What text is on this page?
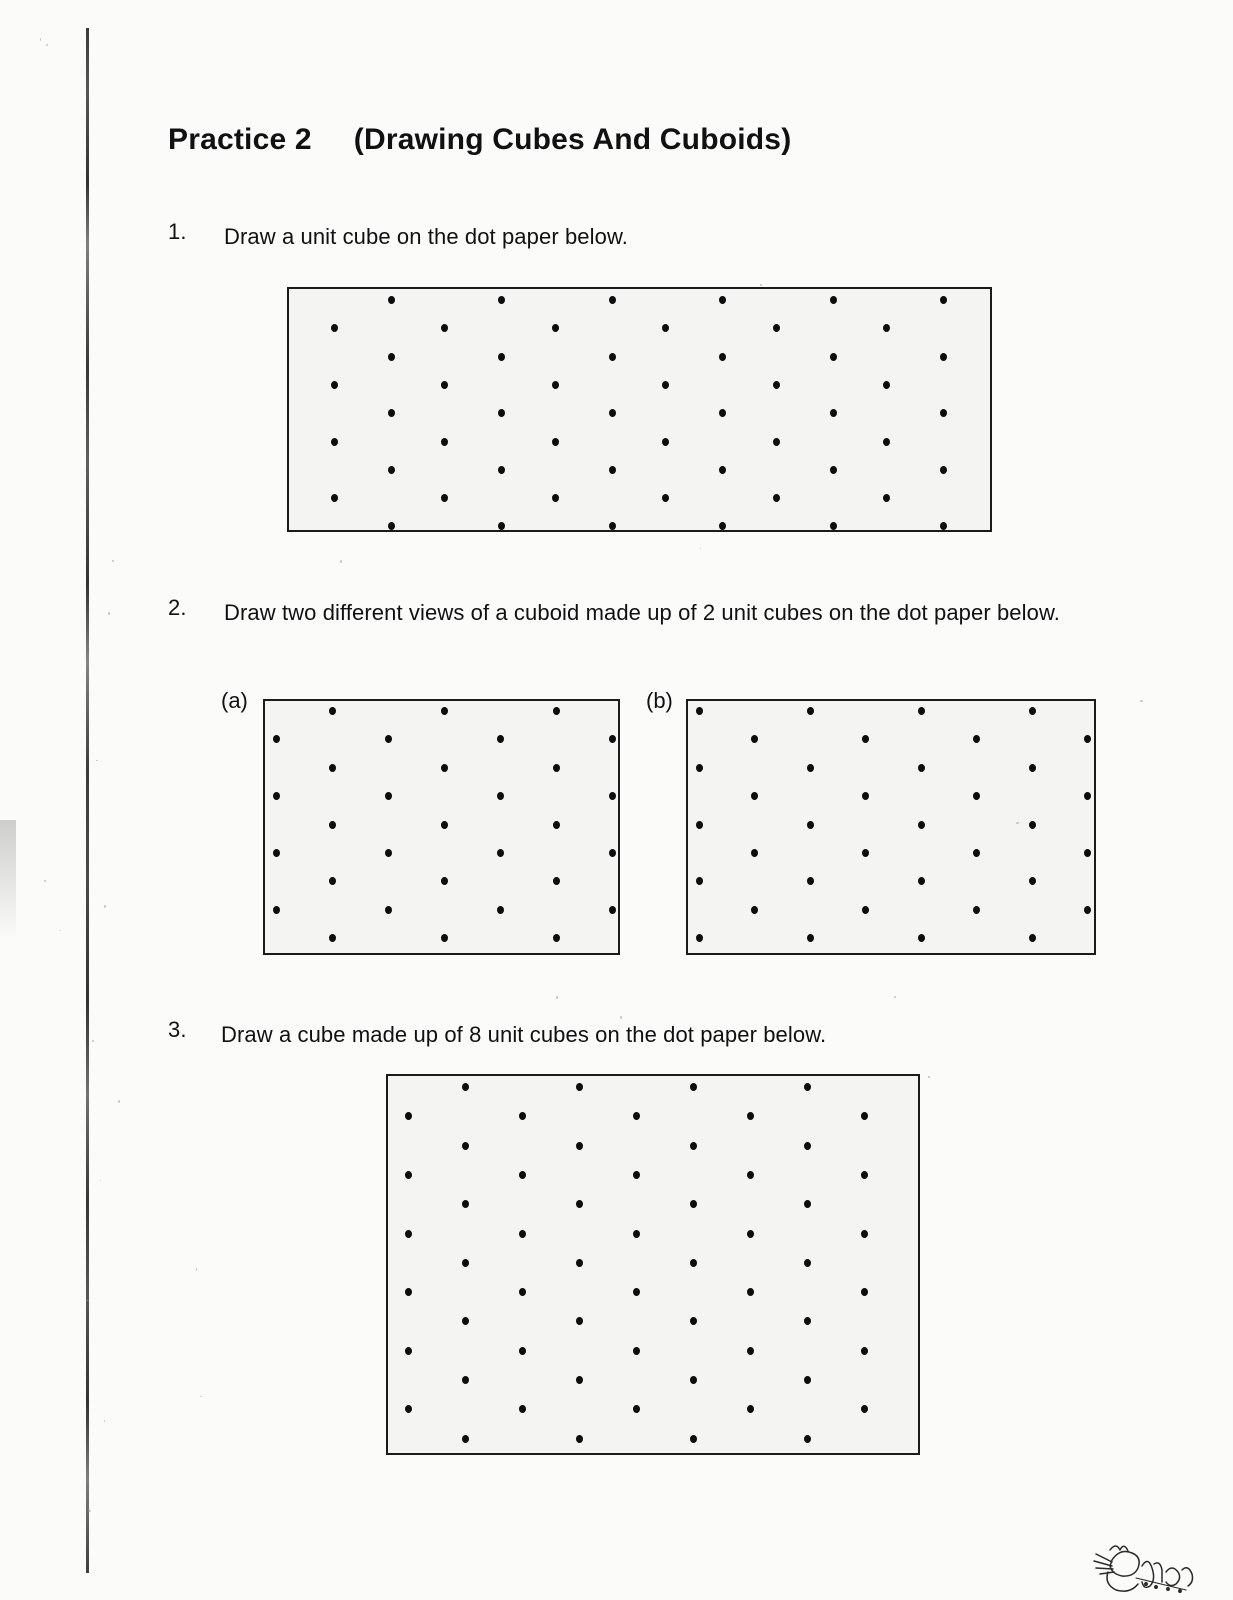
Practice 2 (Drawing Cubes And Cuboids)
1. Draw a unit cube on the dot paper below.
2. Draw two different views of a cuboid made up of 2 unit cubes on the dot paper below.
(a)	(b)
3. Draw a cube made up of 8 unit cubes on the dot paper below.
